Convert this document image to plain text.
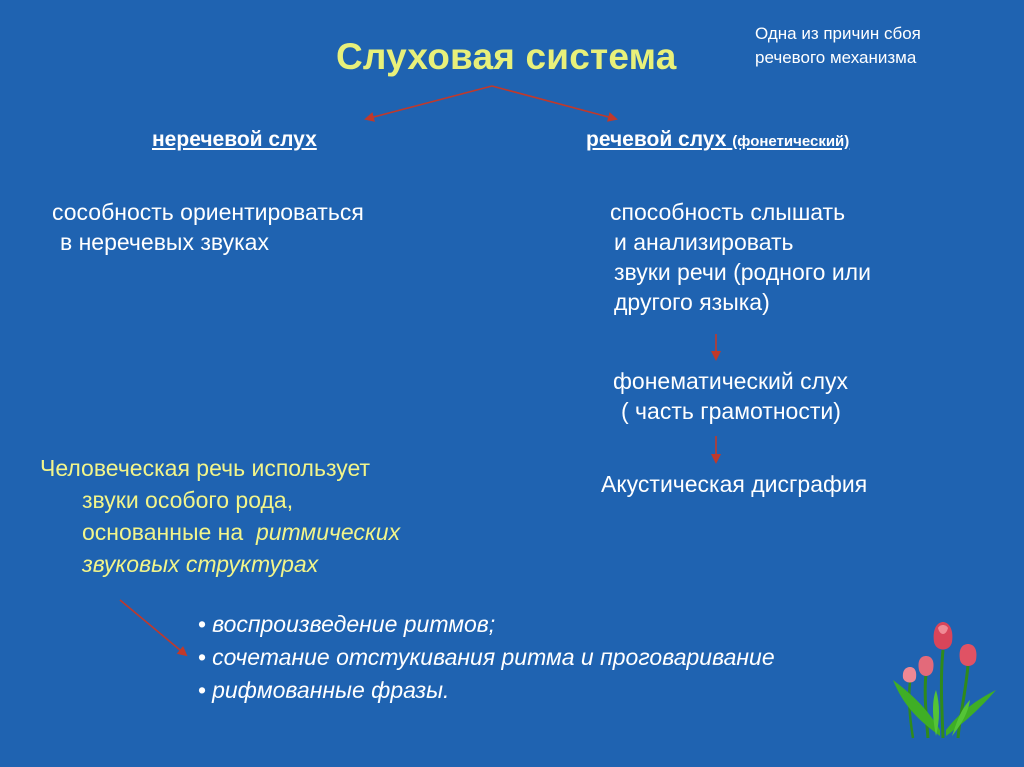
Слуховая система
Одна из причин сбоя
речевого механизма
неречевой слух	речевой слух (фонетический)
сособность ориентироваться
в неречевых звуках
способность слышать
и анализировать
звуки речи (родного или
другого языка)
фонематический слух
( часть грамотности)
Акустическая дисграфия
Человеческая речь использует
звуки особого рода,
основанные на ритмических
звуковых структурах
• воспроизведение ритмов;
• сочетание отстукивания ритма и проговаривание
• рифмованные фразы.
